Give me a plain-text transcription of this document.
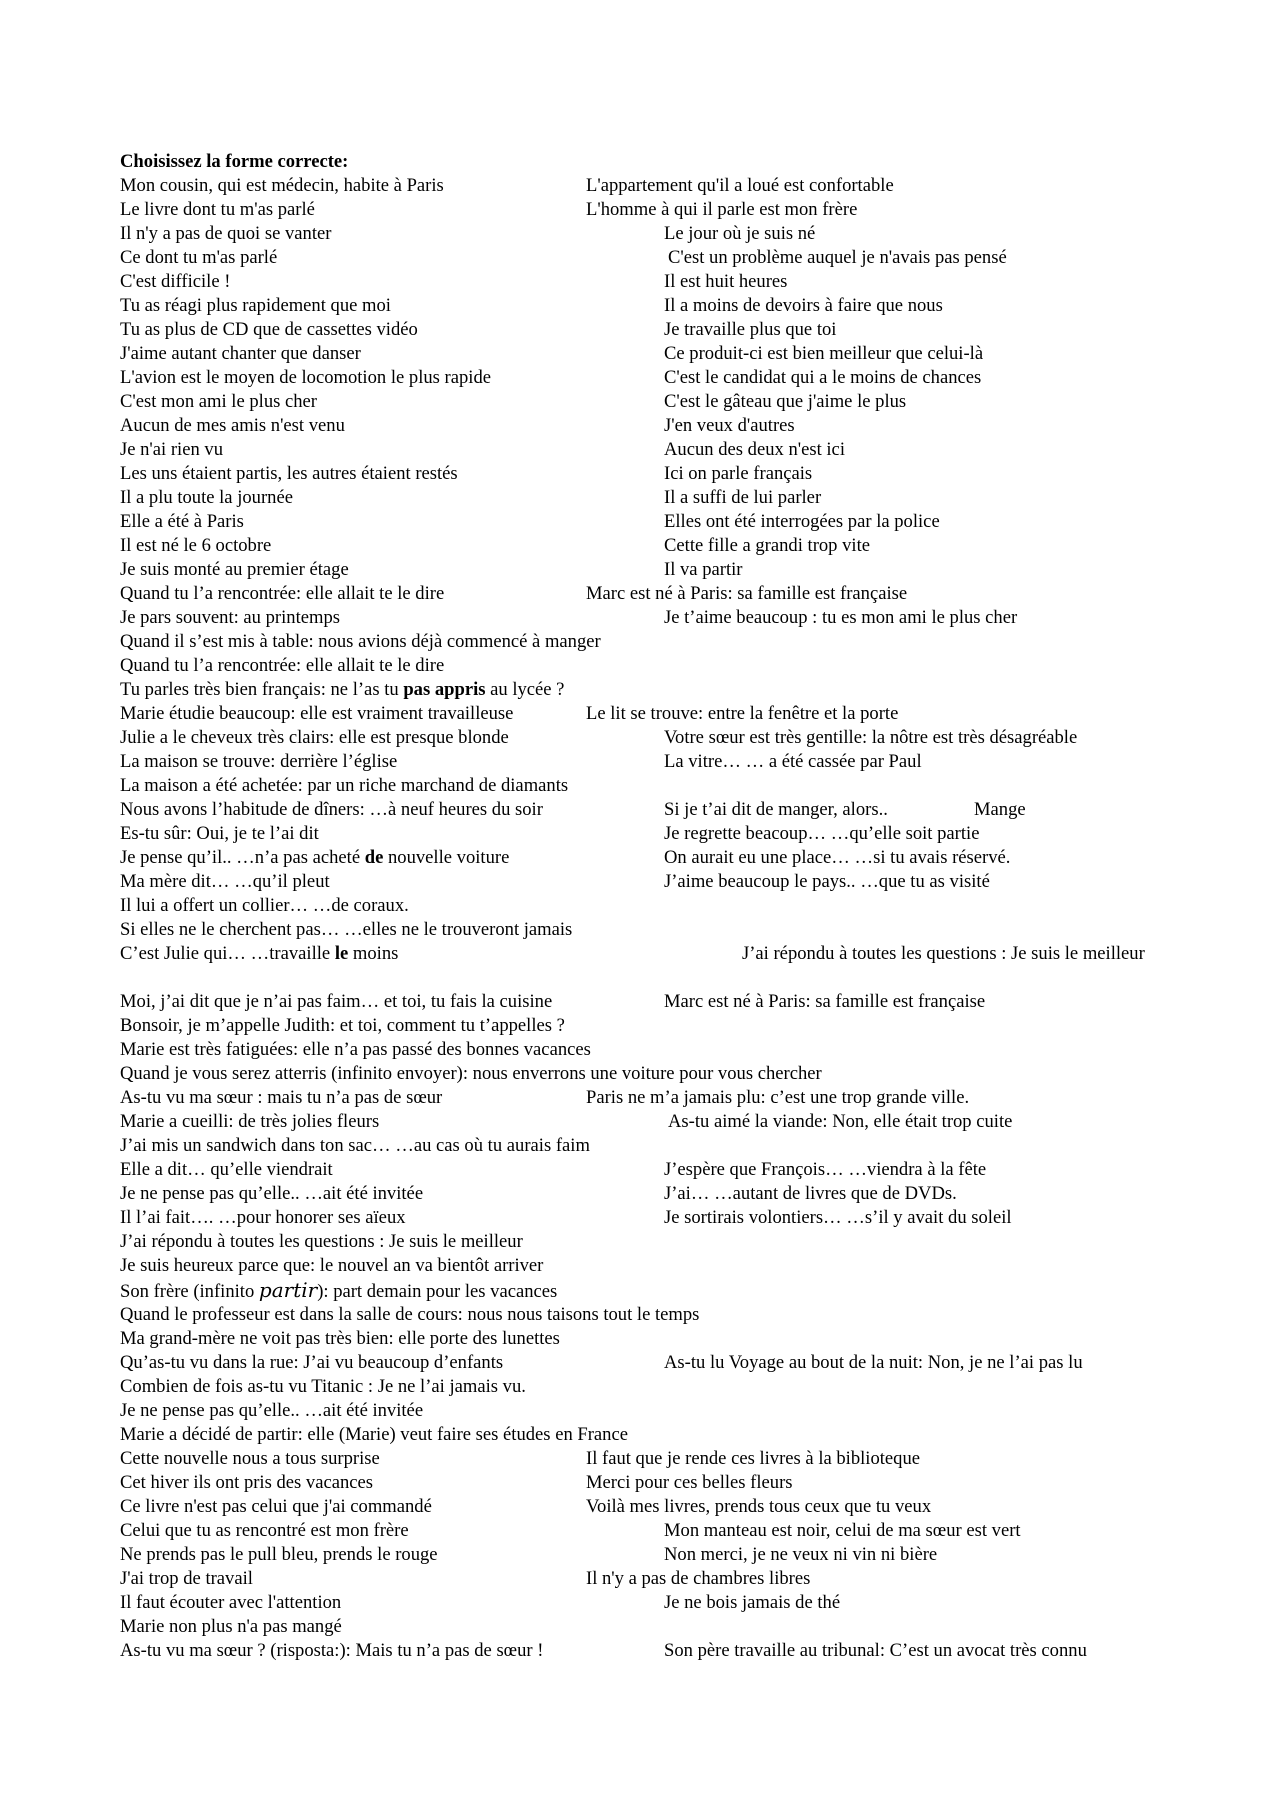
Choisissez la forme correcte:
Mon cousin, qui est médecin, habite à Paris	L'appartement qu'il a loué est confortable
Le livre dont tu m'as parlé	L'homme à qui il parle est mon frère
Il n'y a pas de quoi se vanter	Le jour où je suis né
Ce dont tu m'as parlé	C'est un problème auquel je n'avais pas pensé
C'est difficile !	Il est huit heures
Tu as réagi plus rapidement que moi	Il a moins de devoirs à faire que nous
Tu as plus de CD que de cassettes vidéo	Je travaille plus que toi
J'aime autant chanter que danser	Ce produit-ci est bien meilleur que celui-là
L'avion est le moyen de locomotion le plus rapide	C'est le candidat qui a le moins de chances
C'est mon ami le plus cher	C'est le gâteau que j'aime le plus
Aucun de mes amis n'est venu	J'en veux d'autres
Je n'ai rien vu	Aucun des deux n'est ici
Les uns étaient partis, les autres étaient restés	Ici on parle français
Il a plu toute la journée	Il a suffi de lui parler
Elle a été à Paris	Elles ont été interrogées par la police
Il est né le 6 octobre	Cette fille a grandi trop vite
Je suis monté au premier étage	Il va partir
Quand tu l’a rencontrée: elle allait te le dire	Marc est né à Paris: sa famille est française
Je pars souvent: au printemps	Je t’aime beaucoup : tu es mon ami le plus cher
Quand il s’est mis à table: nous avions déjà commencé à manger
Quand tu l’a rencontrée: elle allait te le dire
Tu parles très bien français: ne l’as tu pas appris au lycée ?
Marie étudie beaucoup: elle est vraiment travailleuse	Le lit se trouve: entre la fenêtre et la porte
Julie a le cheveux très clairs: elle est presque blonde	Votre sœur est très gentille: la nôtre est très désagréable
La maison se trouve: derrière l’église	La vitre… … a été cassée par Paul
La maison a été achetée: par un riche marchand de diamants
Nous avons l’habitude de dîners: …à neuf heures du soir	Si je t’ai dit de manger, alors..	Mange
Es-tu sûr: Oui, je te l’ai dit	Je regrette beacoup… …qu’elle soit partie
Je pense qu’il.. …n’a pas acheté de nouvelle voiture	On aurait eu une place… …si tu avais réservé.
Ma mère dit… …qu’il pleut	J’aime beaucoup le pays.. …que tu as visité
Il lui a offert un collier… …de coraux.
Si elles ne le cherchent pas… …elles ne le trouveront jamais
C’est Julie qui… …travaille le moins	J’ai répondu à toutes les questions : Je suis le meilleur
Moi, j’ai dit que je n’ai pas faim… et toi, tu fais la cuisine	Marc est né à Paris: sa famille est française
Bonsoir, je m’appelle Judith: et toi, comment tu t’appelles ?
Marie est très fatiguées: elle n’a pas passé des bonnes vacances
Quand je vous serez atterris (infinito envoyer): nous enverrons une voiture pour vous chercher
As-tu vu ma sœur : mais tu n’a pas de sœur	Paris ne m’a jamais plu: c’est une trop grande ville.
Marie a cueilli: de très jolies fleurs	As-tu aimé la viande: Non, elle était trop cuite
J’ai mis un sandwich dans ton sac… …au cas où tu aurais faim
Elle a dit… qu’elle viendrait	J’espère que François… …viendra à la fête
Je ne pense pas qu’elle.. …ait été invitée	J’ai… …autant de livres que de DVDs.
Il l’ai fait…. …pour honorer ses aïeux	Je sortirais volontiers… …s’il y avait du soleil
J’ai répondu à toutes les questions : Je suis le meilleur
Je suis heureux parce que: le nouvel an va bientôt arriver
Son frère (infinito partir): part demain pour les vacances
Quand le professeur est dans la salle de cours: nous nous taisons tout le temps
Ma grand-mère ne voit pas très bien: elle porte des lunettes
Qu’as-tu vu dans la rue: J’ai vu beaucoup d’enfants	As-tu lu Voyage au bout de la nuit: Non, je ne l’ai pas lu
Combien de fois as-tu vu Titanic : Je ne l’ai jamais vu.
Je ne pense pas qu’elle.. …ait été invitée
Marie a décidé de partir: elle (Marie) veut faire ses études en France
Cette nouvelle nous a tous surprise	Il faut que je rende ces livres à la biblioteque
Cet hiver ils ont pris des vacances	Merci pour ces belles fleurs
Ce livre n'est pas celui que j'ai commandé	Voilà mes livres, prends tous ceux que tu veux
Celui que tu as rencontré est mon frère	Mon manteau est noir, celui de ma sœur est vert
Ne prends pas le pull bleu, prends le rouge	Non merci, je ne veux ni vin ni bière
J'ai trop de travail	Il n'y a pas de chambres libres
Il faut écouter avec l'attention	Je ne bois jamais de thé
Marie non plus n'a pas mangé
As-tu vu ma sœur ? (risposta:): Mais tu n’a pas de sœur !	Son père travaille au tribunal: C’est un avocat très connu
